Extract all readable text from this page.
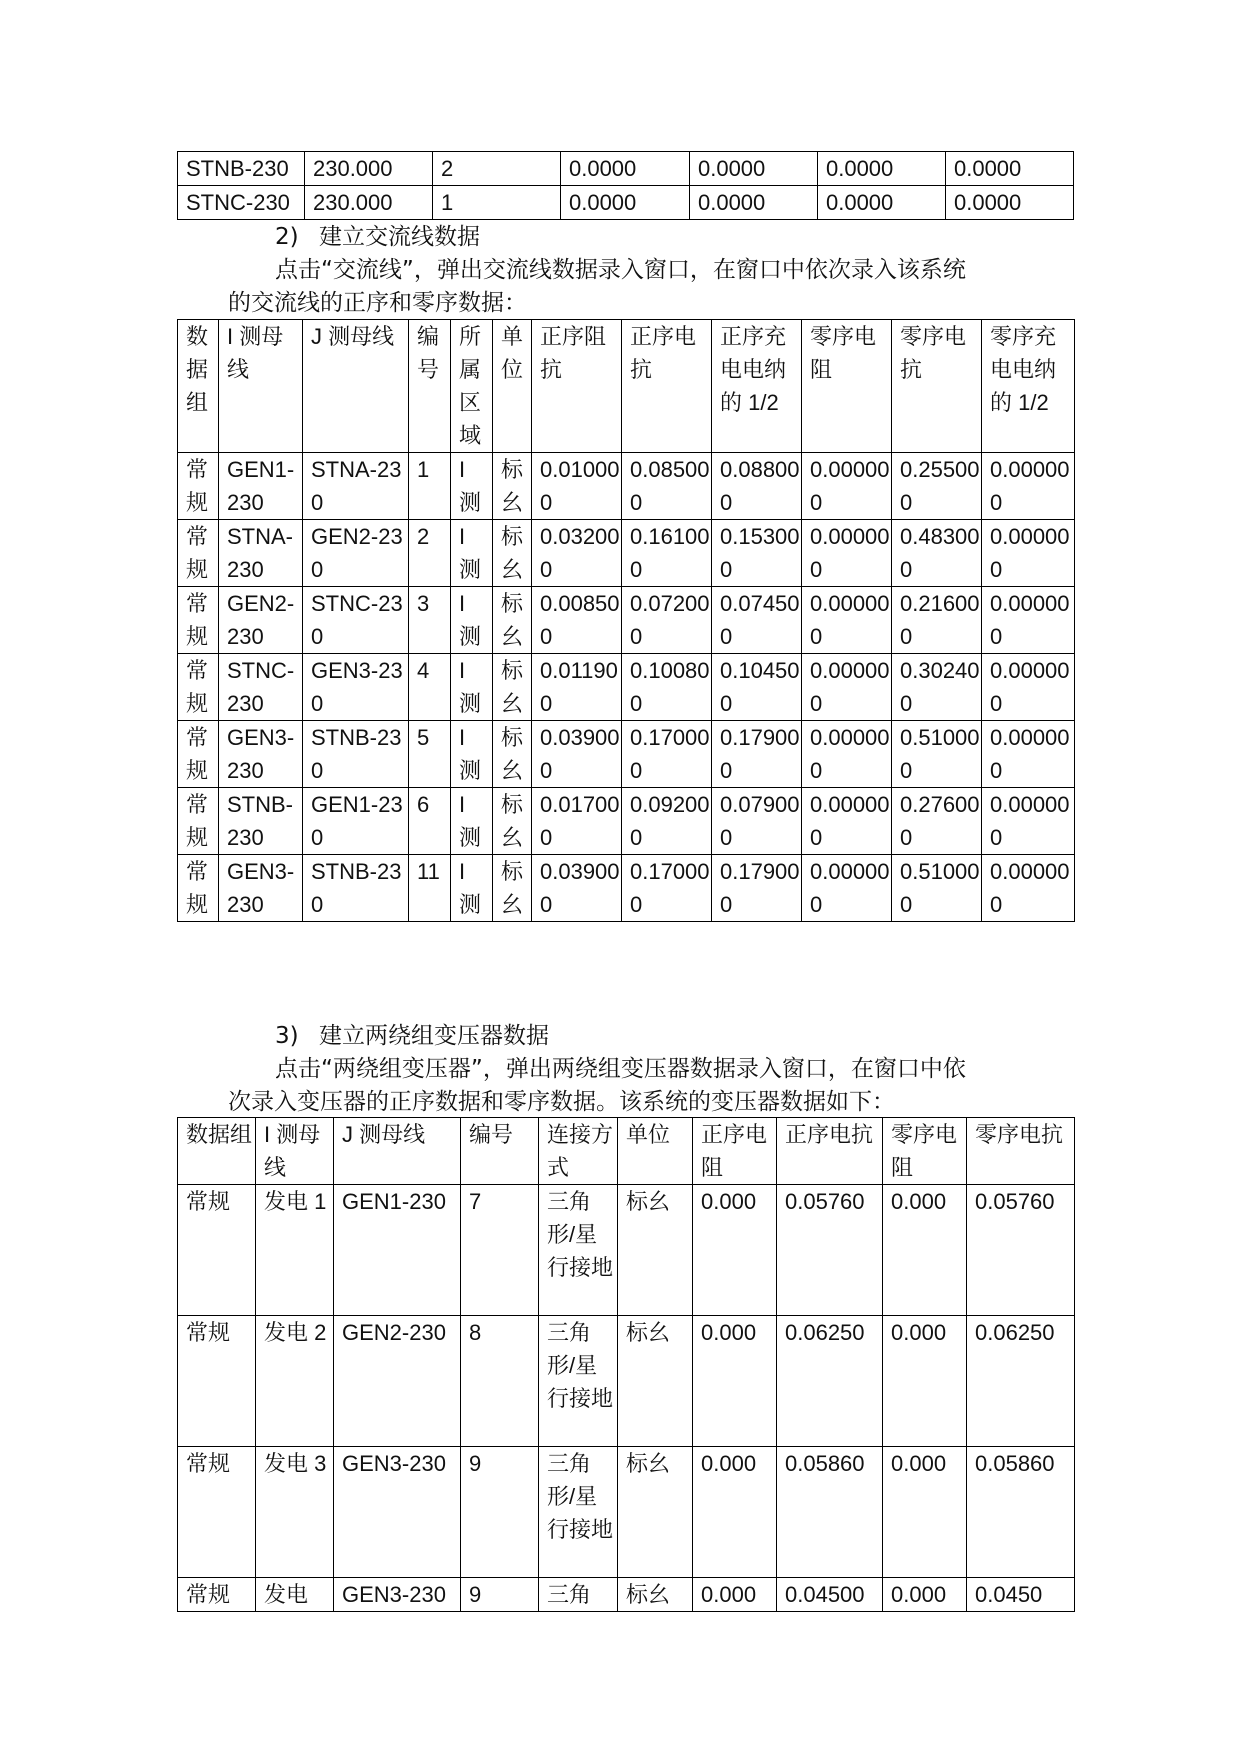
STNB-230	230.000	2	0.0000	0.0000	0.0000	0.0000
STNC-230	230.000	1	0.0000	0.0000	0.0000	0.0000
2) 建立交流线数据
点击“交流线”，弹出交流线数据录入窗口，在窗口中依次录入该系统
的交流线的正序和零序数据：
数据组	I 测母线	J 测母线	编号	所属区域	单位	正序阻抗	正序电抗	正序充电电纳的 1/2	零序电阻	零序电抗	零序充电电纳的 1/2
常规	GEN1-230	STNA-230	1	I 测	标幺	0.010000	0.085000	0.088000	0.000000	0.255000	0.000000
常规	STNA-230	GEN2-230	2	I 测	标幺	0.032000	0.161000	0.153000	0.000000	0.483000	0.000000
常规	GEN2-230	STNC-230	3	I 测	标幺	0.008500	0.072000	0.074500	0.000000	0.216000	0.000000
常规	STNC-230	GEN3-230	4	I 测	标幺	0.011900	0.100800	0.104500	0.000000	0.302400	0.000000
常规	GEN3-230	STNB-230	5	I 测	标幺	0.039000	0.170000	0.179000	0.000000	0.510000	0.000000
常规	STNB-230	GEN1-230	6	I 测	标幺	0.017000	0.092000	0.079000	0.000000	0.276000	0.000000
常规	GEN3-230	STNB-230	11	I 测	标幺	0.039000	0.170000	0.179000	0.000000	0.510000	0.000000
3) 建立两绕组变压器数据
点击“两绕组变压器”，弹出两绕组变压器数据录入窗口，在窗口中依
次录入变压器的正序数据和零序数据。该系统的变压器数据如下：
数据组	I 测母线	J 测母线	编号	连接方式	单位	正序电阻	正序电抗	零序电阻	零序电抗
常规	发电 1	GEN1-230	7	三角形/星行接地	标幺	0.000	0.05760	0.000	0.05760
常规	发电 2	GEN2-230	8	三角形/星行接地	标幺	0.000	0.06250	0.000	0.06250
常规	发电 3	GEN3-230	9	三角形/星行接地	标幺	0.000	0.05860	0.000	0.05860
常规	发电	GEN3-230	9	三角	标幺	0.000	0.04500	0.000	0.0450
